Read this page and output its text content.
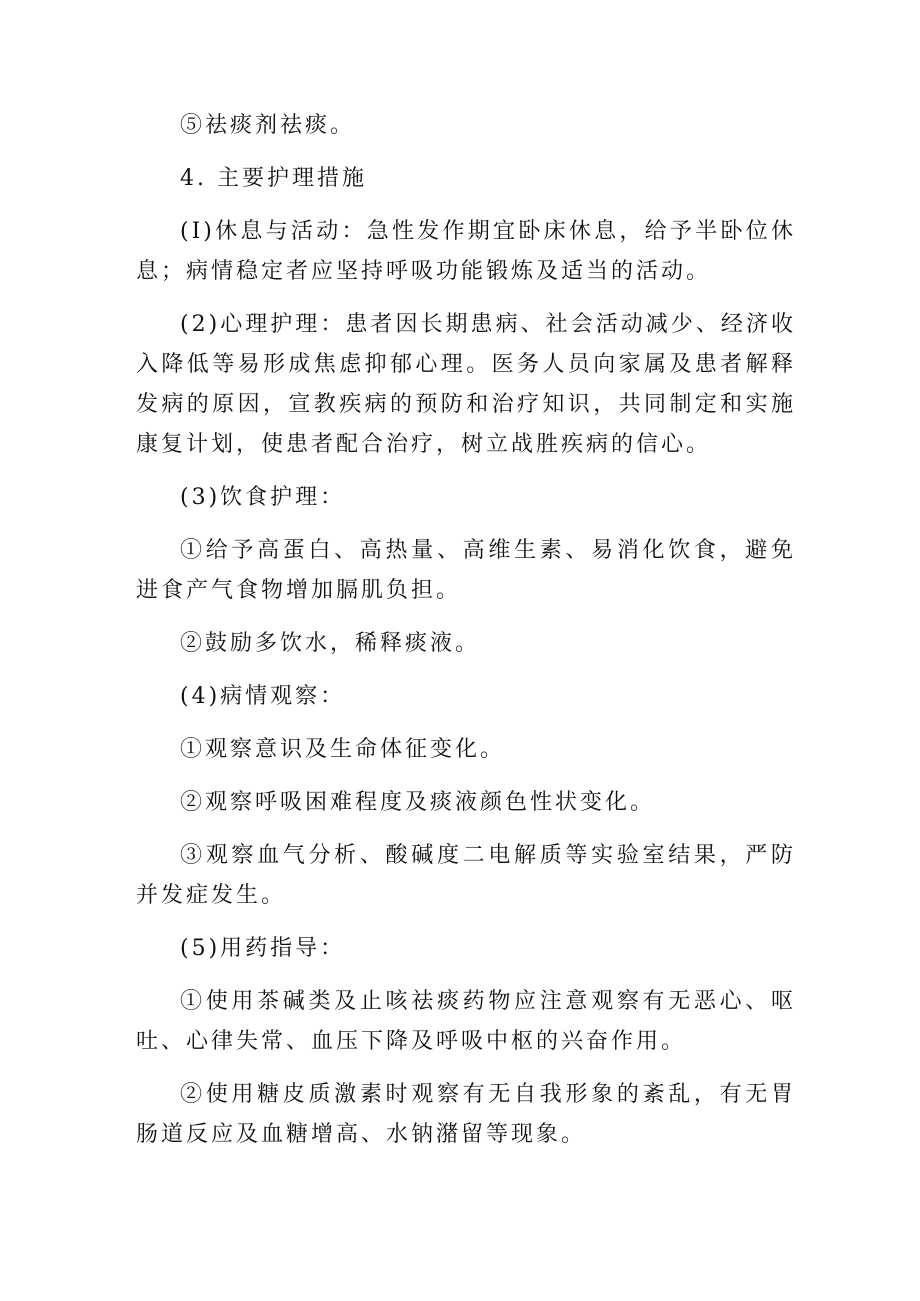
⑤祛痰剂祛痰。

4. 主要护理措施

(I)休息与活动：急性发作期宜卧床休息，给予半卧位休息；病情稳定者应坚持呼吸功能锻炼及适当的活动。

(2)心理护理：患者因长期患病、社会活动减少、经济收入降低等易形成焦虑抑郁心理。医务人员向家属及患者解释发病的原因，宣教疾病的预防和治疗知识，共同制定和实施康复计划，使患者配合治疗，树立战胜疾病的信心。

(3)饮食护理：

①给予高蛋白、高热量、高维生素、易消化饮食，避免进食产气食物增加膈肌负担。

②鼓励多饮水，稀释痰液。

(4)病情观察：

①观察意识及生命体征变化。

②观察呼吸困难程度及痰液颜色性状变化。

③观察血气分析、酸碱度二电解质等实验室结果，严防并发症发生。

(5)用药指导：

①使用茶碱类及止咳祛痰药物应注意观察有无恶心、呕吐、心律失常、血压下降及呼吸中枢的兴奋作用。

②使用糖皮质激素时观察有无自我形象的紊乱，有无胃肠道反应及血糖增高、水钠潴留等现象。
